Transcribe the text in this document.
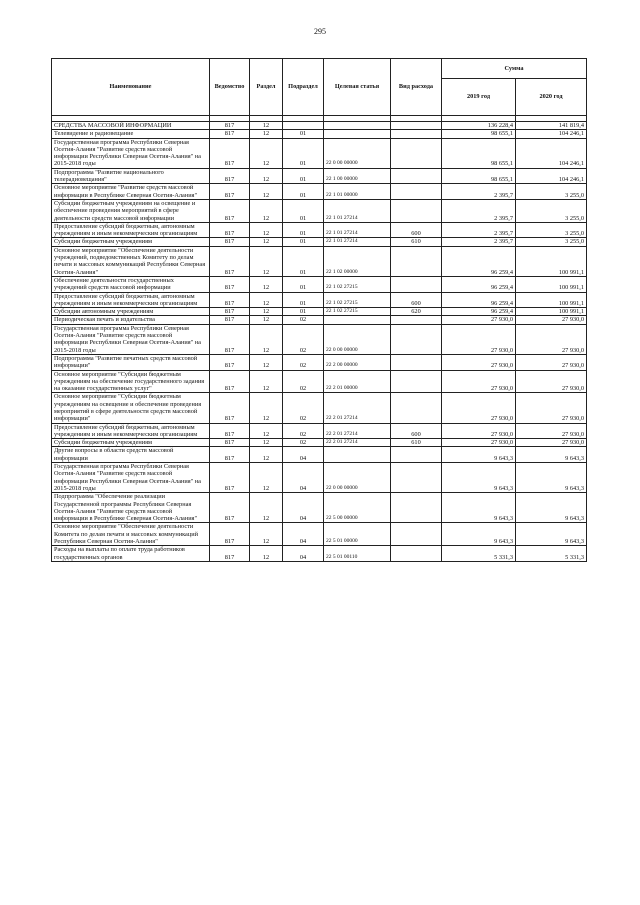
295
Наименование	Ведомство	Раздел	Подраздел	Целевая статья	Вид расхода	Сумма	
						2019 год	2020 год

СРЕДСТВА МАССОВОЙ ИНФОРМАЦИИ	817	12				136 228,4	141 819,4
Телевидение и радиовещание	817	12	01			98 655,1	104 246,1
Государственная программа Республики Северная Осетия-Алания "Развитие средств массовой информации Республики Северная Осетия-Алания" на 2015-2018 годы	817	12	01	22 0 00 00000		98 655,1	104 246,1
Подпрограмма "Развитие национального телерадиовещания"	817	12	01	22 1 00 00000		98 655,1	104 246,1
Основное мероприятие "Развитие средств массовой информации в Республике Северная Осетия-Алания"	817	12	01	22 1 01 00000		2 395,7	3 255,0
Субсидии бюджетным учреждениям на освещение и обеспечение проведения мероприятий в сфере деятельности средств массовой информации	817	12	01	22 1 01 27214		2 395,7	3 255,0
Предоставление субсидий бюджетным, автономным учреждениям и иным некоммерческим организациям	817	12	01	22 1 01 27214	600	2 395,7	3 255,0
Субсидии бюджетным учреждениям	817	12	01	22 1 01 27214	610	2 395,7	3 255,0
Основное мероприятие "Обеспечение деятельности учреждений, подведомственных Комитету по делам печати и массовых коммуникаций Республики Северная Осетия-Алания"	817	12	01	22 1 02 00000		96 259,4	100 991,1
Обеспечение деятельности государственных учреждений средств массовой информации	817	12	01	22 1 02 27215		96 259,4	100 991,1
Предоставление субсидий бюджетным, автономным учреждениям и иным некоммерческим организациям	817	12	01	22 1 02 27215	600	96 259,4	100 991,1
Субсидии автономным учреждениям	817	12	01	22 1 02 27215	620	96 259,4	100 991,1
Периодическая печать и издательства	817	12	02			27 930,0	27 930,0
Государственная программа Республики Северная Осетия-Алания "Развитие средств массовой информации Республики Северная Осетия-Алания" на 2015-2018 годы	817	12	02	22 0 00 00000		27 930,0	27 930,0
Подпрограмма "Развитие печатных средств массовой информации"	817	12	02	22 2 00 00000		27 930,0	27 930,0
Основное мероприятие "Субсидии бюджетным учреждениям на обеспечение государственного задания на оказание государственных услуг"	817	12	02	22 2 01 00000		27 930,0	27 930,0
Основное мероприятие "Субсидии бюджетным учреждениям на освещение и обеспечение проведения мероприятий в сфере деятельности средств массовой информации"	817	12	02	22 2 01 27214		27 930,0	27 930,0
Предоставление субсидий бюджетным, автономным учреждениям и иным некоммерческим организациям	817	12	02	22 2 01 27214	600	27 930,0	27 930,0
Субсидии бюджетным учреждениям	817	12	02	22 2 01 27214	610	27 930,0	27 930,0
Другие вопросы в области средств массовой информации	817	12	04			9 643,3	9 643,3
Государственная программа Республики Северная Осетия-Алания "Развитие средств массовой информации Республики Северная Осетия-Алания" на 2015-2018 годы	817	12	04	22 0 00 00000		9 643,3	9 643,3
Подпрограмма "Обеспечение реализации Государственной программы Республики Северная Осетия-Алания "Развитие средств массовой информации в Республике Северная Осетия-Алания"	817	12	04	22 5 00 00000		9 643,3	9 643,3
Основное мероприятие "Обеспечение деятельности Комитета по делам печати и массовых коммуникаций Республики Северная Осетия-Алания"	817	12	04	22 5 01 00000		9 643,3	9 643,3
Расходы на выплаты по оплате труда работников государственных органов	817	12	04	22 5 01 00110		5 331,3	5 331,3
